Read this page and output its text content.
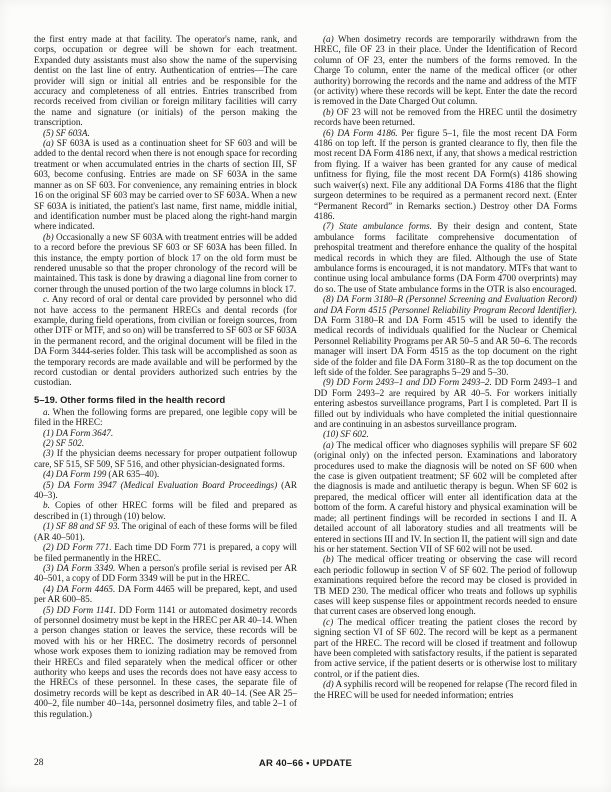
the first entry made at that facility. The operator's name, rank, and corps, occupation or degree will be shown for each treatment. Expanded duty assistants must also show the name of the supervising dentist on the last line of entry. Authentication of entries—The care provider will sign or initial all entries and be responsible for the accuracy and completeness of all entries. Entries transcribed from records received from civilian or foreign military facilities will carry the name and signature (or initials) of the person making the transcription.

(5) SF 603A.

(a) SF 603A is used as a continuation sheet for SF 603 and will be added to the dental record when there is not enough space for recording treatment or when accumulated entries in the charts of section III, SF 603, become confusing. Entries are made on SF 603A in the same manner as on SF 603. For convenience, any remaining entries in block 16 on the original SF 603 may be carried over to SF 603A. When a new SF 603A is initiated, the patient's last name, first name, middle initial, and identification number must be placed along the right-hand margin where indicated.

(b) Occasionally a new SF 603A with treatment entries will be added to a record before the previous SF 603 or SF 603A has been filled. In this instance, the empty portion of block 17 on the old form must be rendered unusable so that the proper chronology of the record will be maintained. This task is done by drawing a diagonal line from corner to corner through the unused portion of the two large columns in block 17.

c. Any record of oral or dental care provided by personnel who did not have access to the permanent HRECs and dental records (for example, during field operations, from civilian or foreign sources, from other DTF or MTF, and so on) will be transferred to SF 603 or SF 603A in the permanent record, and the original document will be filed in the DA Form 3444-series folder. This task will be accomplished as soon as the temporary records are made available and will be performed by the record custodian or dental providers authorized such entries by the custodian.

5–19. Other forms filed in the health record

a. When the following forms are prepared, one legible copy will be filed in the HREC:

(1) DA Form 3647.

(2) SF 502.

(3) If the physician deems necessary for proper outpatient followup care, SF 515, SF 509, SF 516, and other physician-designated forms.

(4) DA Form 199 (AR 635–40).

(5) DA Form 3947 (Medical Evaluation Board Proceedings) (AR 40–3).

b. Copies of other HREC forms will be filed and prepared as described in (1) through (10) below.

(1) SF 88 and SF 93. The original of each of these forms will be filed (AR 40–501).

(2) DD Form 771. Each time DD Form 771 is prepared, a copy will be filed permanently in the HREC.

(3) DA Form 3349. When a person's profile serial is revised per AR 40–501, a copy of DD Form 3349 will be put in the HREC.

(4) DA Form 4465. DA Form 4465 will be prepared, kept, and used per AR 600–85.

(5) DD Form 1141. DD Form 1141 or automated dosimetry records of personnel dosimetry must be kept in the HREC per AR 40–14. When a person changes station or leaves the service, these records will be moved with his or her HREC. The dosimetry records of personnel whose work exposes them to ionizing radiation may be removed from their HRECs and filed separately when the medical officer or other authority who keeps and uses the records does not have easy access to the HRECs of these personnel. In these cases, the separate file of dosimetry records will be kept as described in AR 40–14. (See AR 25–400–2, file number 40–14a, personnel dosimetry files, and table 2–1 of this regulation.)

(a) When dosimetry records are temporarily withdrawn from the HREC, file OF 23 in their place. Under the Identification of Record column of OF 23, enter the numbers of the forms removed. In the Charge To column, enter the name of the medical officer (or other authority) borrowing the records and the name and address of the MTF (or activity) where these records will be kept. Enter the date the record is removed in the Date Charged Out column.

(b) OF 23 will not be removed from the HREC until the dosimetry records have been returned.

(6) DA Form 4186. Per figure 5–1, file the most recent DA Form 4186 on top left. If the person is granted clearance to fly, then file the most recent DA Form 4186 next, if any, that shows a medical restriction from flying. If a waiver has been granted for any cause of medical unfitness for flying, file the most recent DA Form(s) 4186 showing such waiver(s) next. File any additional DA Forms 4186 that the flight surgeon determines to be required as a permanent record next. (Enter “Permanent Record” in Remarks section.) Destroy other DA Forms 4186.

(7) State ambulance forms. By their design and content, State ambulance forms facilitate comprehensive documentation of prehospital treatment and therefore enhance the quality of the hospital medical records in which they are filed. Although the use of State ambulance forms is encouraged, it is not mandatory. MTFs that want to continue using local ambulance forms (DA Form 4700 overprints) may do so. The use of State ambulance forms in the OTR is also encouraged.

(8) DA Form 3180–R (Personnel Screening and Evaluation Record) and DA Form 4515 (Personnel Reliability Program Record Identifier). DA Form 3180–R and DA Form 4515 will be used to identify the medical records of individuals qualified for the Nuclear or Chemical Personnel Reliability Programs per AR 50–5 and AR 50–6. The records manager will insert DA Form 4515 as the top document on the right side of the folder and file DA Form 3180–R as the top document on the left side of the folder. See paragraphs 5–29 and 5–30.

(9) DD Form 2493–1 and DD Form 2493–2. DD Form 2493–1 and DD Form 2493–2 are required by AR 40–5. For workers initially entering asbestos surveillance programs, Part I is completed. Part II is filled out by individuals who have completed the initial questionnaire and are continuing in an asbestos surveillance program.

(10) SF 602.

(a) The medical officer who diagnoses syphilis will prepare SF 602 (original only) on the infected person. Examinations and laboratory procedures used to make the diagnosis will be noted on SF 600 when the case is given outpatient treatment; SF 602 will be completed after the diagnosis is made and antiluetic therapy is begun. When SF 602 is prepared, the medical officer will enter all identification data at the bottom of the form. A careful history and physical examination will be made; all pertinent findings will be recorded in sections I and II. A detailed account of all laboratory studies and all treatments will be entered in sections III and IV. In section II, the patient will sign and date his or her statement. Section VII of SF 602 will not be used.

(b) The medical officer treating or observing the case will record each periodic followup in section V of SF 602. The period of followup examinations required before the record may be closed is provided in TB MED 230. The medical officer who treats and follows up syphilis cases will keep suspense files or appointment records needed to ensure that current cases are observed long enough.

(c) The medical officer treating the patient closes the record by signing section VI of SF 602. The record will be kept as a permanent part of the HREC. The record will be closed if treatment and followup have been completed with satisfactory results, if the patient is separated from active service, if the patient deserts or is otherwise lost to military control, or if the patient dies.

(d) A syphilis record will be reopened for relapse (The record filed in the HREC will be used for needed information; entries

28	AR 40–66 • UPDATE
